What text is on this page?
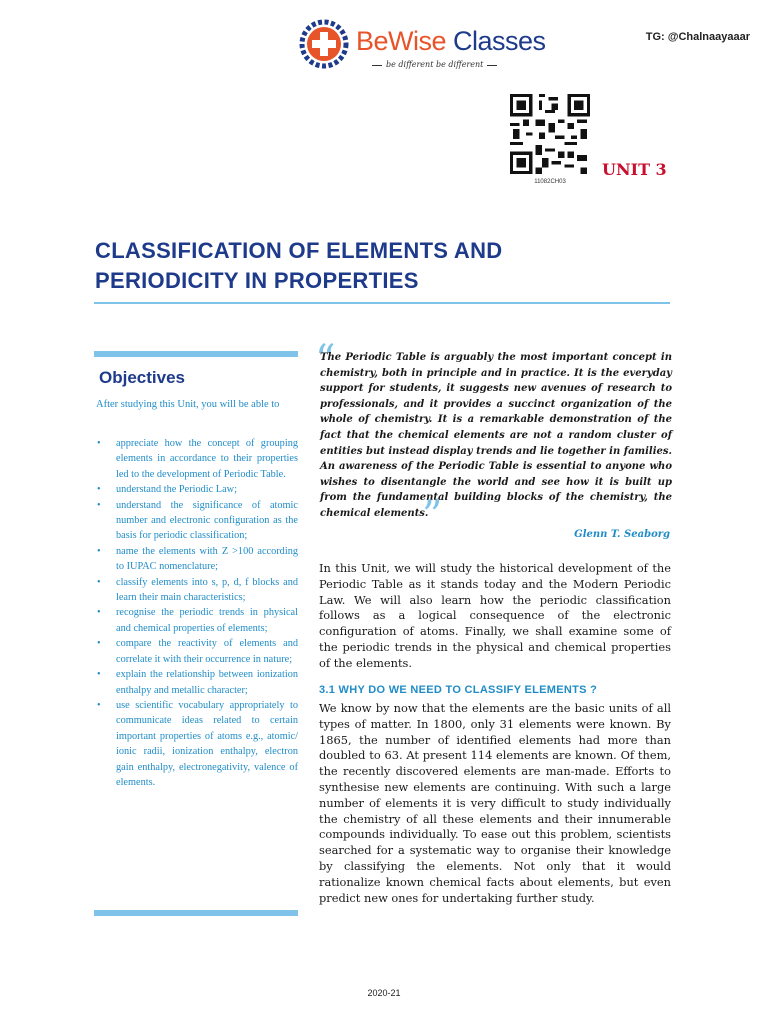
BeWise Classes
be different be different
TG: @Chalnaayaaar
11082CH03
UNIT 3
CLASSIFICATION OF ELEMENTS AND
PERIODICITY IN PROPERTIES
Objectives
After studying this Unit, you will be able to
• appreciate how the concept of grouping elements in accordance to their properties led to the development of Periodic Table.
• understand the Periodic Law;
• understand the significance of atomic number and electronic configuration as the basis for periodic classification;
• name the elements with Z >100 according to IUPAC nomenclature;
• classify elements into s, p, d, f blocks and learn their main characteristics;
• recognise the periodic trends in physical and chemical properties of elements;
• compare the reactivity of elements and correlate it with their occurrence in nature;
• explain the relationship between ionization enthalpy and metallic character;
• use scientific vocabulary appropriately to communicate ideas related to certain important properties of atoms e.g., atomic/ ionic radii, ionization enthalpy, electron gain enthalpy, electronegativity, valence of elements.
“
The Periodic Table is arguably the most important concept in chemistry, both in principle and in practice. It is the everyday support for students, it suggests new avenues of research to professionals, and it provides a succinct organization of the whole of chemistry. It is a remarkable demonstration of the fact that the chemical elements are not a random cluster of entities but instead display trends and lie together in families. An awareness of the Periodic Table is essential to anyone who wishes to disentangle the world and see how it is built up from the fundamental building blocks of the chemistry, the chemical elements.
”	Glenn T. Seaborg
In this Unit, we will study the historical development of the Periodic Table as it stands today and the Modern Periodic Law. We will also learn how the periodic classification follows as a logical consequence of the electronic configuration of atoms. Finally, we shall examine some of the periodic trends in the physical and chemical properties of the elements.
3.1 WHY DO WE NEED TO CLASSIFY ELEMENTS ?
We know by now that the elements are the basic units of all types of matter. In 1800, only 31 elements were known. By 1865, the number of identified elements had more than doubled to 63. At present 114 elements are known. Of them, the recently discovered elements are man-made. Efforts to synthesise new elements are continuing. With such a large number of elements it is very difficult to study individually the chemistry of all these elements and their innumerable compounds individually. To ease out this problem, scientists searched for a systematic way to organise their knowledge by classifying the elements. Not only that it would rationalize known chemical facts about elements, but even predict new ones for undertaking further study.
2020-21
